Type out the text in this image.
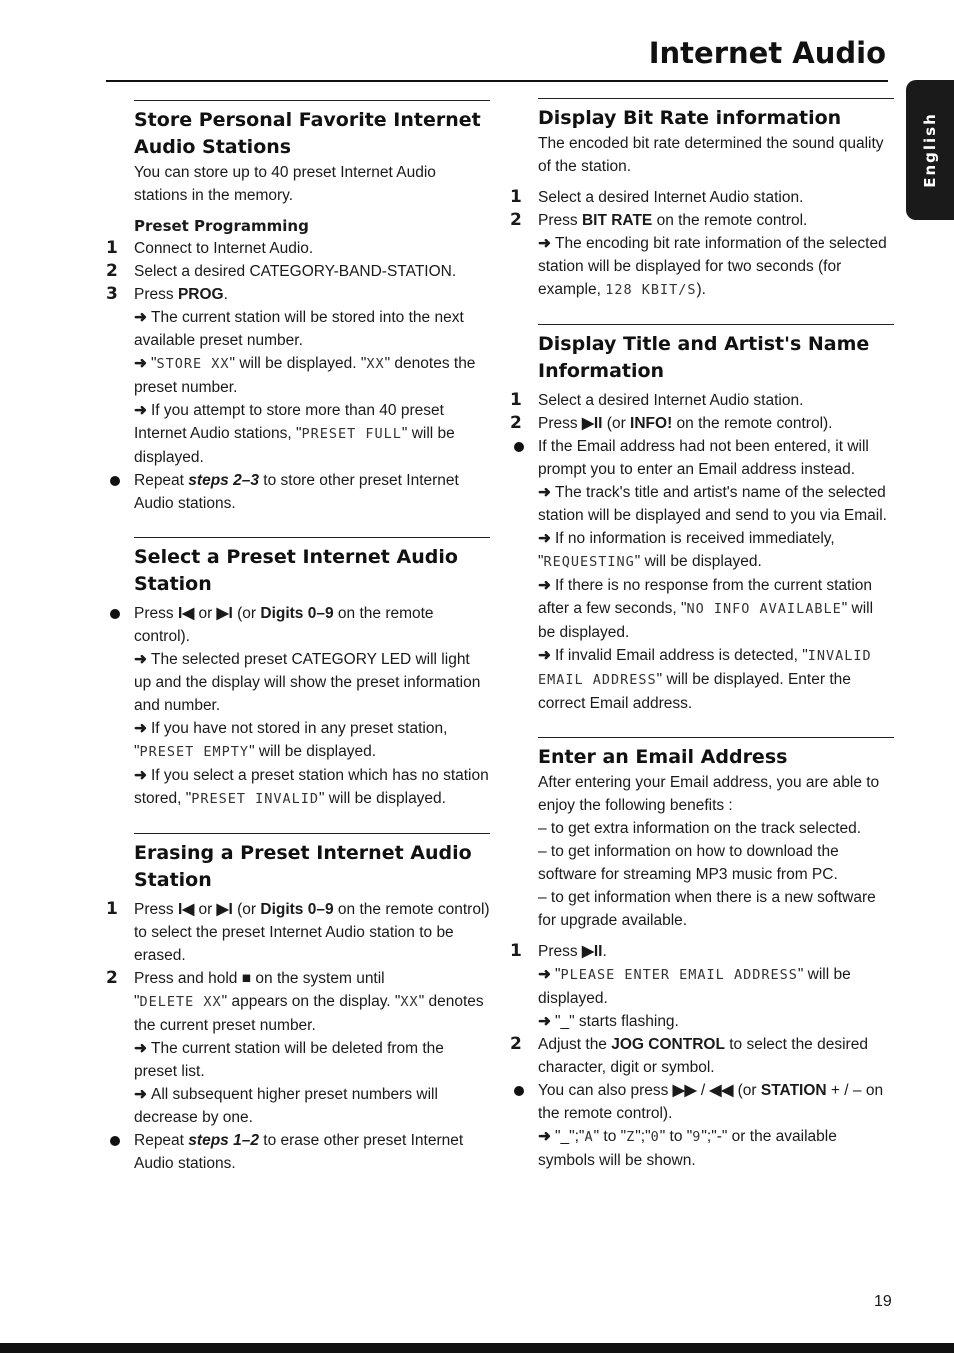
Internet Audio
English
Store Personal Favorite Internet Audio Stations
You can store up to 40 preset Internet Audio stations in the memory.
Preset Programming
1	Connect to Internet Audio.
2	Select a desired CATEGORY-BAND-STATION.
3	Press PROG.
➜ The current station will be stored into the next available preset number.
➜ "STORE XX" will be displayed. "XX" denotes the preset number.
➜ If you attempt to store more than 40 preset Internet Audio stations, "PRESET FULL" will be displayed.
Repeat steps 2–3 to store other preset Internet Audio stations.
Select a Preset Internet Audio Station
Press I◀ or ▶I (or Digits 0–9 on the remote control).
➜ The selected preset CATEGORY LED will light up and the display will show the preset information and number.
➜ If you have not stored in any preset station, "PRESET EMPTY" will be displayed.
➜ If you select a preset station which has no station stored, "PRESET INVALID" will be displayed.
Erasing a Preset Internet Audio Station
1	Press I◀ or ▶I (or Digits 0–9 on the remote control) to select the preset Internet Audio station to be erased.
2	Press and hold ■ on the system until
"DELETE XX" appears on the display. "XX" denotes the current preset number.
➜ The current station will be deleted from the preset list.
➜ All subsequent higher preset numbers will decrease by one.
Repeat steps 1–2 to erase other preset Internet Audio stations.
Display Bit Rate information
The encoded bit rate determined the sound quality of the station.
1	Select a desired Internet Audio station.
2	Press BIT RATE on the remote control.
➜ The encoding bit rate information of the selected station will be displayed for two seconds (for example, 128 KBIT/S).
Display Title and Artist's Name Information
1	Select a desired Internet Audio station.
2	Press ▶II (or INFO! on the remote control).
If the Email address had not been entered, it will prompt you to enter an Email address instead.
➜ The track's title and artist's name of the selected station will be displayed and send to you via Email.
➜ If no information is received immediately, "REQUESTING" will be displayed.
➜ If there is no response from the current station after a few seconds, "NO INFO AVAILABLE" will be displayed.
➜ If invalid Email address is detected, "INVALID EMAIL ADDRESS" will be displayed. Enter the correct Email address.
Enter an Email Address
After entering your Email address, you are able to enjoy the following benefits :
– to get extra information on the track selected.
– to get information on how to download the software for streaming MP3 music from PC.
– to get information when there is a new software for upgrade available.
1	Press ▶II.
➜ "PLEASE ENTER EMAIL ADDRESS" will be displayed.
➜ "_" starts flashing.
2	Adjust the JOG CONTROL to select the desired character, digit or symbol.
You can also press ▶▶ / ◀◀ (or STATION + / – on the remote control).
➜ "_";"A" to "Z";"0" to "9";"-" or the available symbols will be shown.
19
